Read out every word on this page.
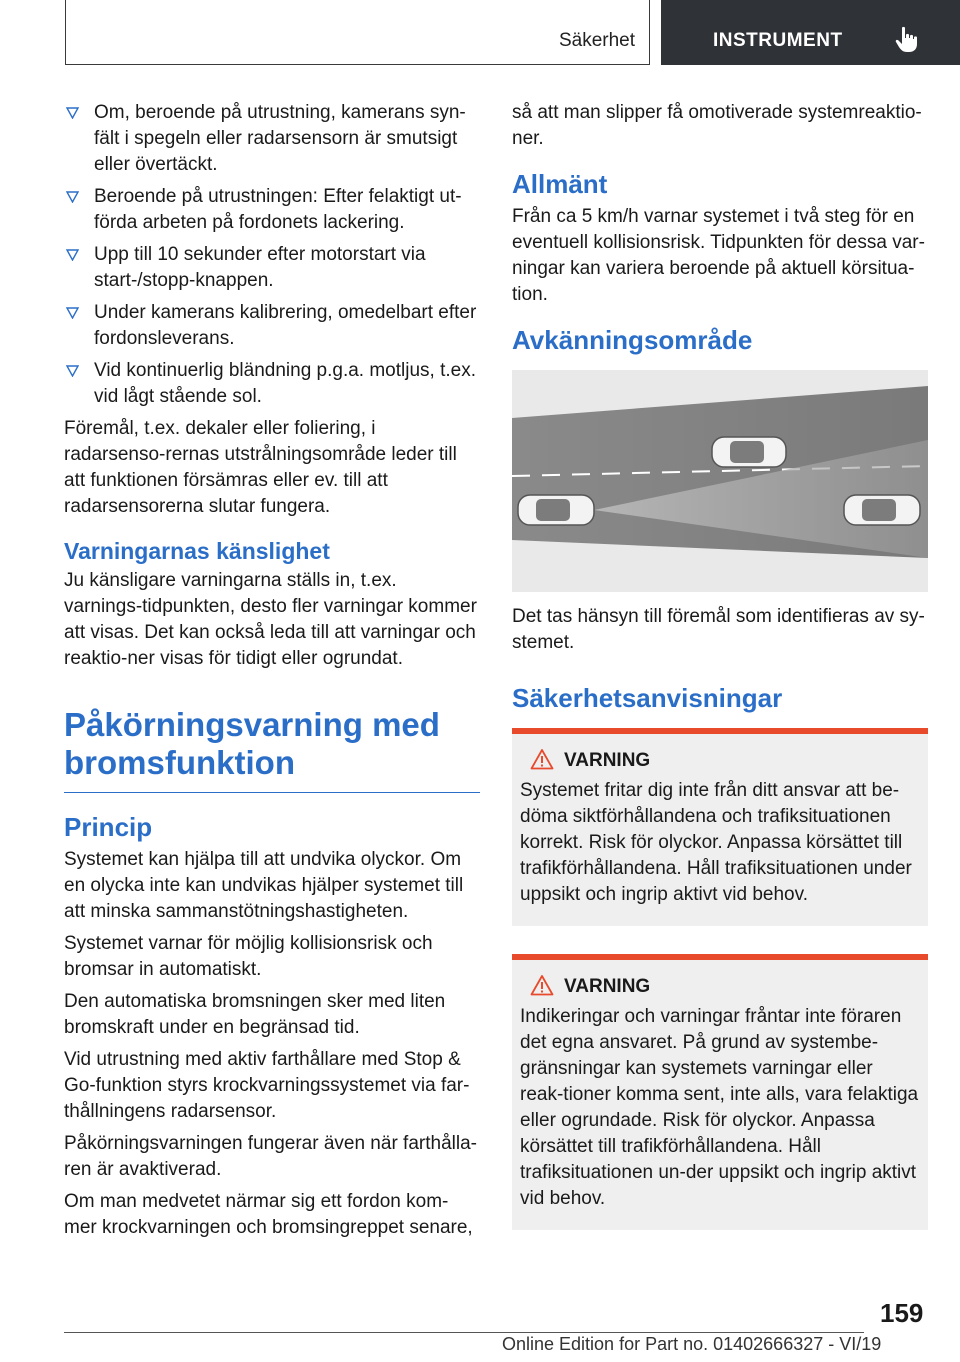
Säkerhet	INSTRUMENT
Om, beroende på utrustning, kamerans syn-fält i spegeln eller radarsensorn är smutsigt eller övertäckt.
Beroende på utrustningen: Efter felaktigt ut-förda arbeten på fordonets lackering.
Upp till 10 sekunder efter motorstart via start-/stopp-knappen.
Under kamerans kalibrering, omedelbart efter fordonsleverans.
Vid kontinuerlig bländning p.g.a. motljus, t.ex. vid lågt stående sol.

Föremål, t.ex. dekaler eller foliering, i radarsenso-rernas utstrålningsområde leder till att funktionen försämras eller ev. till att radarsensorerna slutar fungera.

Varningarnas känslighet

Ju känsligare varningarna ställs in, t.ex. varnings-tidpunkten, desto fler varningar kommer att visas. Det kan också leda till att varningar och reaktio-ner visas för tidigt eller ogrundat.

Påkörningsvarning med bromsfunktion
Princip

Systemet kan hjälpa till att undvika olyckor. Om en olycka inte kan undvikas hjälper systemet till att minska sammanstötningshastigheten.

Systemet varnar för möjlig kollisionsrisk och bromsar in automatiskt.

Den automatiska bromsningen sker med liten bromskraft under en begränsad tid.

Vid utrustning med aktiv farthållare med Stop & Go-funktion styrs krockvarningssystemet via far-thållningens radarsensor.

Påkörningsvarningen fungerar även när farthålla-ren är avaktiverad.

Om man medvetet närmar sig ett fordon kom-mer krockvarningen och bromsingreppet senare,

så att man slipper få omotiverade systemreaktio-ner.

Allmänt

Från ca 5 km/h varnar systemet i två steg för en eventuell kollisionsrisk. Tidpunkten för dessa var-ningar kan variera beroende på aktuell körsitua-tion.

Avkänningsområde

Det tas hänsyn till föremål som identifieras av sy-stemet.

Säkerhetsanvisningar
VARNING
Systemet fritar dig inte från ditt ansvar att be-döma siktförhållandena och trafiksituationen korrekt. Risk för olyckor. Anpassa körsättet till trafikförhållandena. Håll trafiksituationen under uppsikt och ingrip aktivt vid behov.
VARNING
Indikeringar och varningar fråntar inte föraren det egna ansvaret. På grund av systembe-gränsningar kan systemets varningar eller reak-tioner komma sent, inte alls, vara felaktiga eller ogrundade. Risk för olyckor. Anpassa körsättet till trafikförhållandena. Håll trafiksituationen un-der uppsikt och ingrip aktivt vid behov.
159
Online Edition for Part no. 01402666327 - VI/19
